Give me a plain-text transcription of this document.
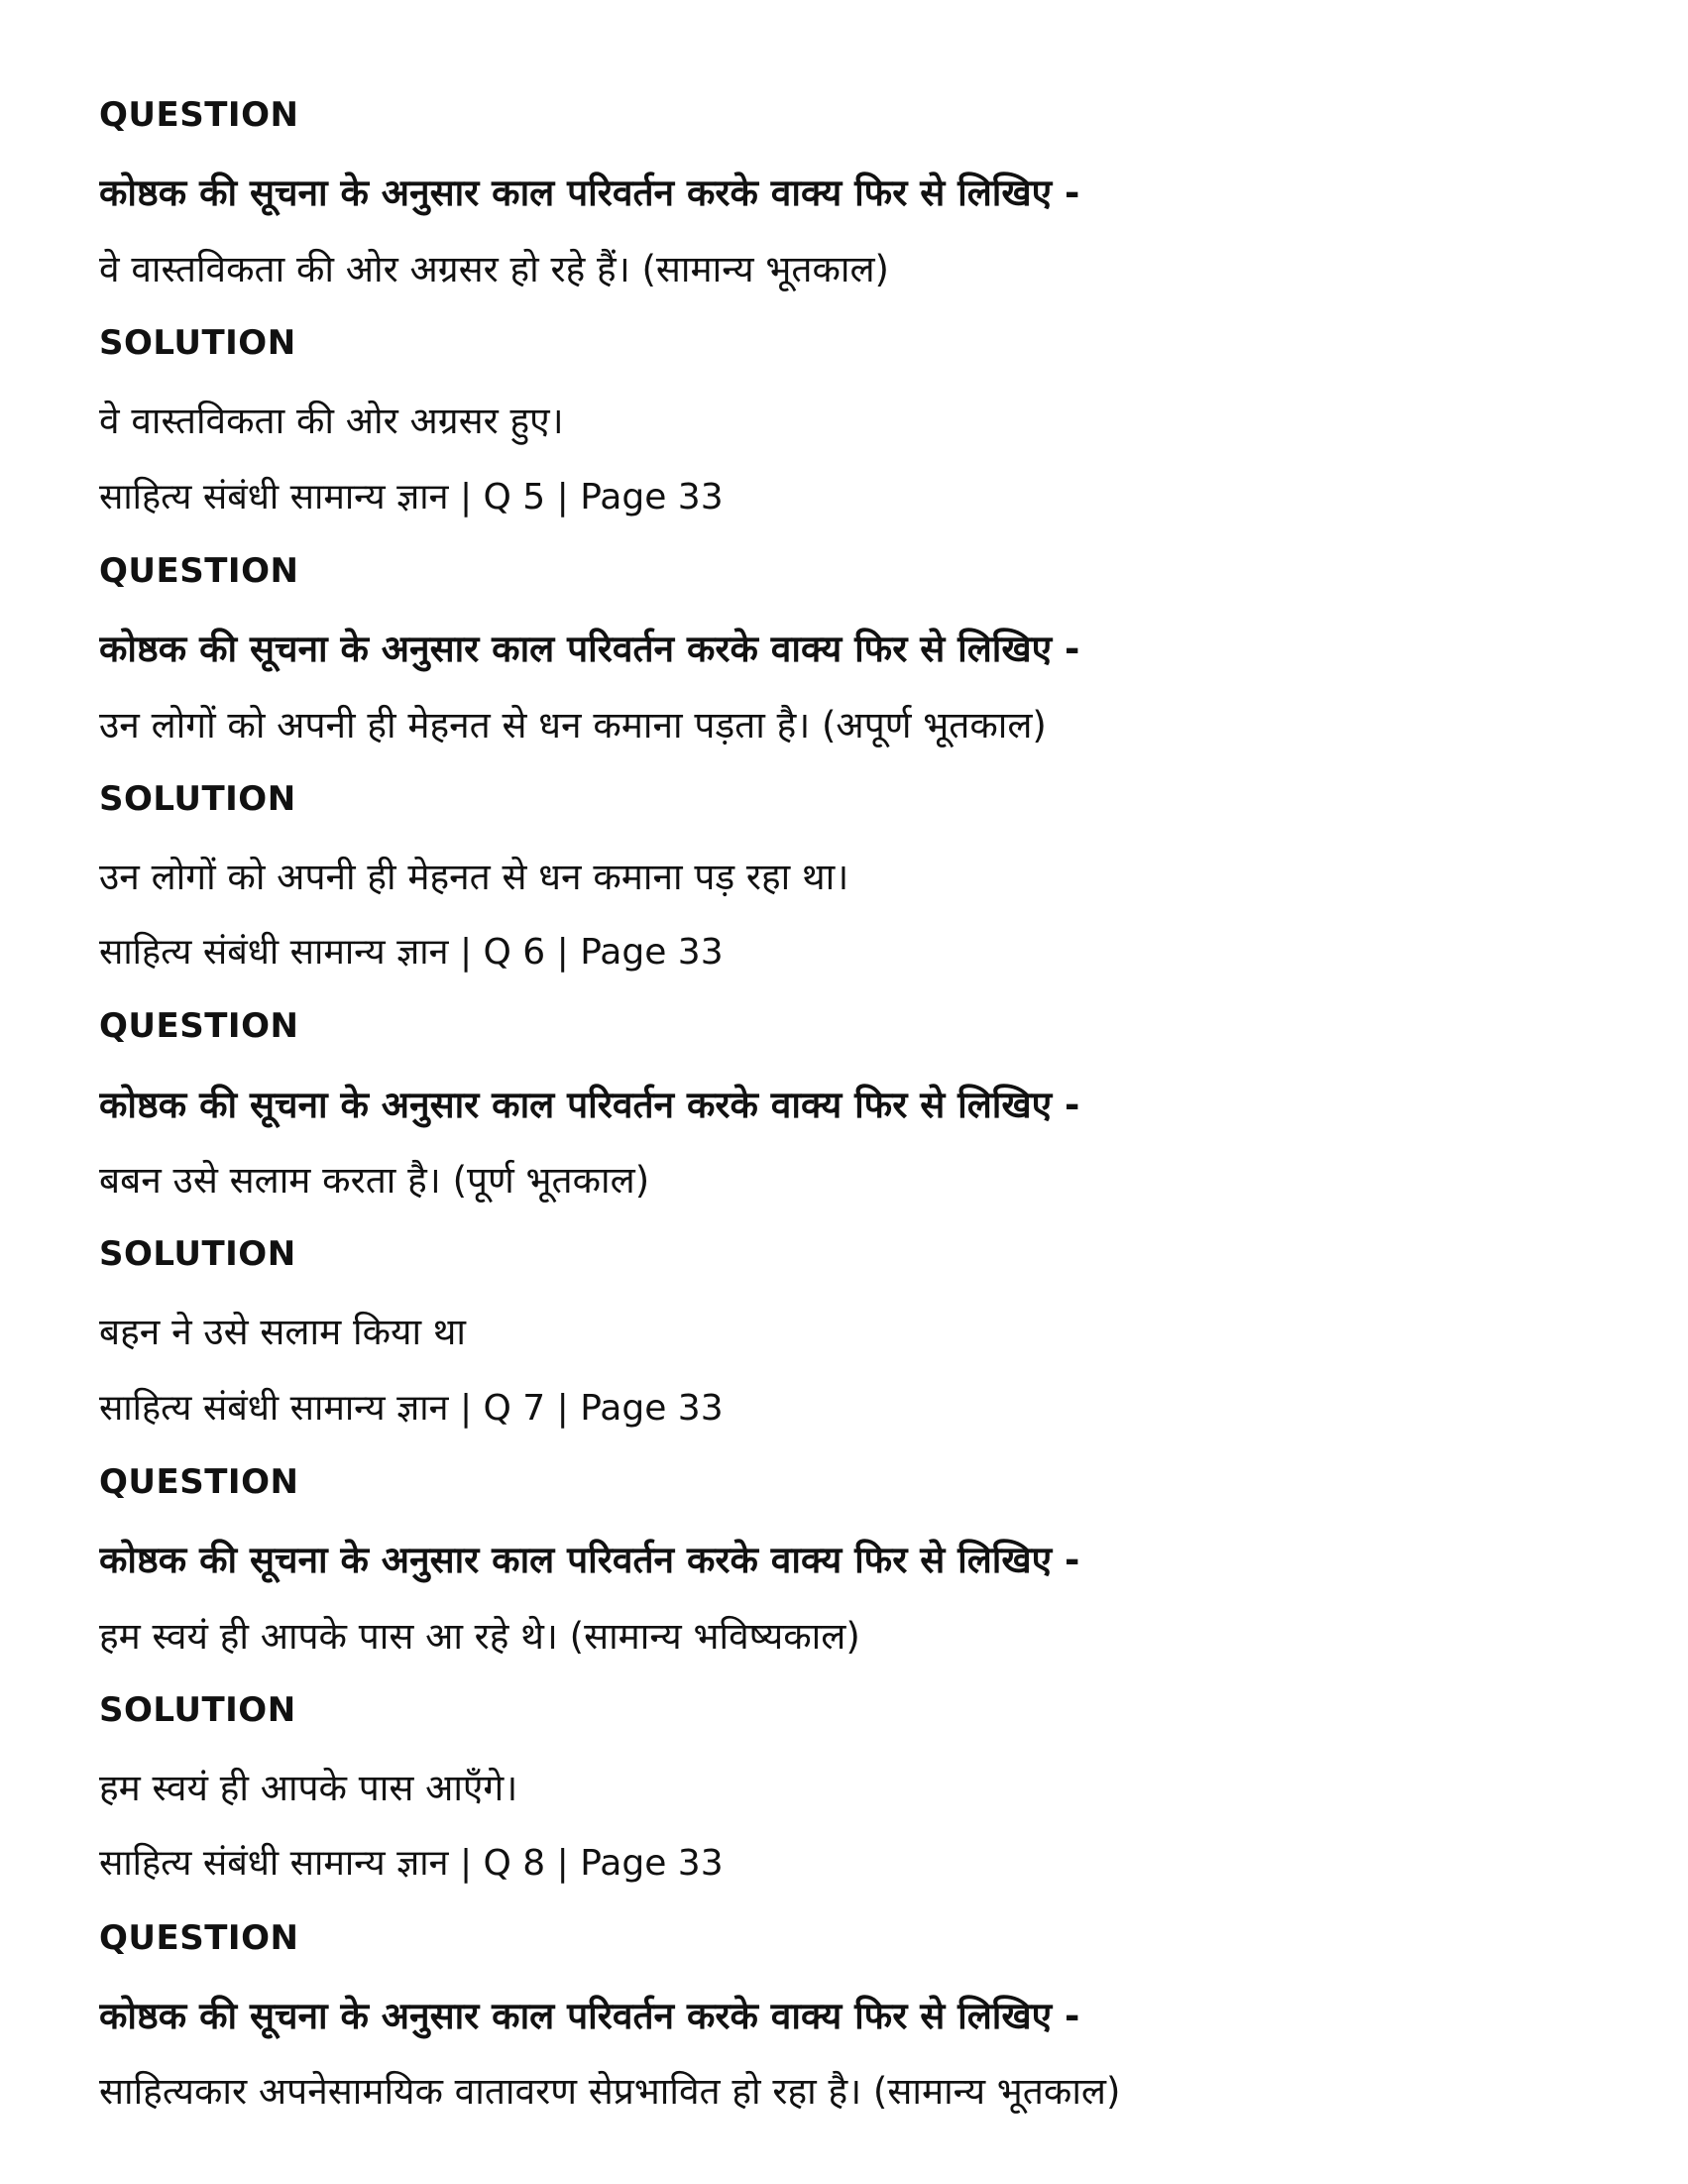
QUESTION
कोष्ठक की सूचना के अनुसार काल परिवर्तन करके वाक्य फिर से लिखिए -
वे वास्तविकता की ओर अग्रसर हो रहे हैं। (सामान्य भूतकाल)
SOLUTION
वे वास्तविकता की ओर अग्रसर हुए।
साहित्य संबंधी सामान्य ज्ञान | Q 5 | Page 33
QUESTION
कोष्ठक की सूचना के अनुसार काल परिवर्तन करके वाक्य फिर से लिखिए -
उन लोगों को अपनी ही मेहनत से धन कमाना पड़ता है। (अपूर्ण भूतकाल)
SOLUTION
उन लोगों को अपनी ही मेहनत से धन कमाना पड़ रहा था।
साहित्य संबंधी सामान्य ज्ञान | Q 6 | Page 33
QUESTION
कोष्ठक की सूचना के अनुसार काल परिवर्तन करके वाक्य फिर से लिखिए -
बबन उसे सलाम करता है। (पूर्ण भूतकाल)
SOLUTION
बहन ने उसे सलाम किया था
साहित्य संबंधी सामान्य ज्ञान | Q 7 | Page 33
QUESTION
कोष्ठक की सूचना के अनुसार काल परिवर्तन करके वाक्य फिर से लिखिए -
हम स्वयं ही आपके पास आ रहे थे। (सामान्य भविष्यकाल)
SOLUTION
हम स्वयं ही आपके पास आएँगे।
साहित्य संबंधी सामान्य ज्ञान | Q 8 | Page 33
QUESTION
कोष्ठक की सूचना के अनुसार काल परिवर्तन करके वाक्य फिर से लिखिए -
साहित्यकार अपनेसामयिक वातावरण सेप्रभावित हो रहा है। (सामान्य भूतकाल)
